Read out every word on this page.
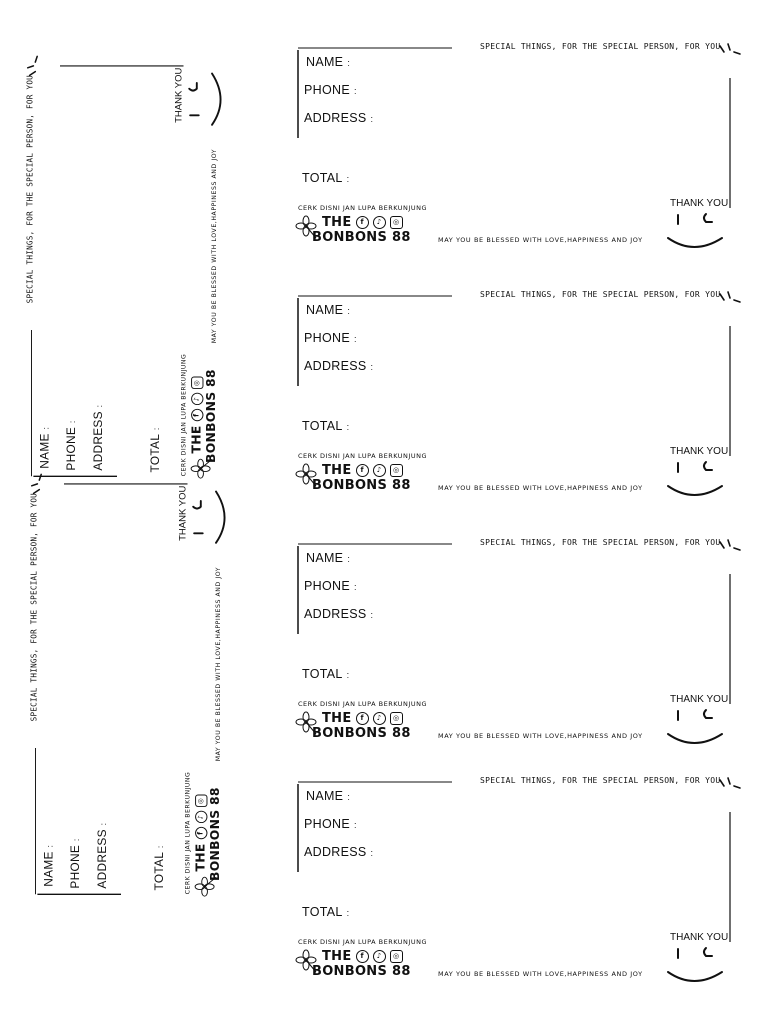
SPECIAL THINGS, FOR THE SPECIAL PERSON, FOR YOU
NAME :
PHONE :
ADDRESS :
TOTAL :
THANK YOU
CERK DISNI JAN LUPA BERKUNJUNG
THE	f	♪	◎
BONBONS 88	MAY YOU BE BLESSED WITH LOVE,HAPPINESS AND JOY
SPECIAL THINGS, FOR THE SPECIAL PERSON, FOR YOU
NAME :
PHONE :
ADDRESS :
TOTAL :
THANK YOU
CERK DISNI JAN LUPA BERKUNJUNG
THE	f	♪	◎
BONBONS 88	MAY YOU BE BLESSED WITH LOVE,HAPPINESS AND JOY
SPECIAL THINGS, FOR THE SPECIAL PERSON, FOR YOU
NAME :
PHONE :
ADDRESS :
TOTAL :
THANK YOU
CERK DISNI JAN LUPA BERKUNJUNG
THE	f	♪	◎
BONBONS 88	MAY YOU BE BLESSED WITH LOVE,HAPPINESS AND JOY
SPECIAL THINGS, FOR THE SPECIAL PERSON, FOR YOU
NAME :
PHONE :
ADDRESS :
TOTAL :
THANK YOU
CERK DISNI JAN LUPA BERKUNJUNG
THE	f	♪	◎
BONBONS 88	MAY YOU BE BLESSED WITH LOVE,HAPPINESS AND JOY
SPECIAL THINGS, FOR THE SPECIAL PERSON, FOR YOU
NAME: PHONE: ADDRESS:
TOTAL:
THANK YOU
CERK DISNI JAN LUPA BERKUNJUNG THE
f
♪
◎ BONBONS 88
MAY YOU BE BLESSED WITH LOVE,HAPPINESS AND JOY
SPECIAL THINGS, FOR THE SPECIAL PERSON, FOR YOU
NAME: PHONE: ADDRESS:
TOTAL:
THANK YOU
CERK DISNI JAN LUPA BERKUNJUNG THE
f
♪
◎ BONBONS 88
MAY YOU BE BLESSED WITH LOVE,HAPPINESS AND JOY
